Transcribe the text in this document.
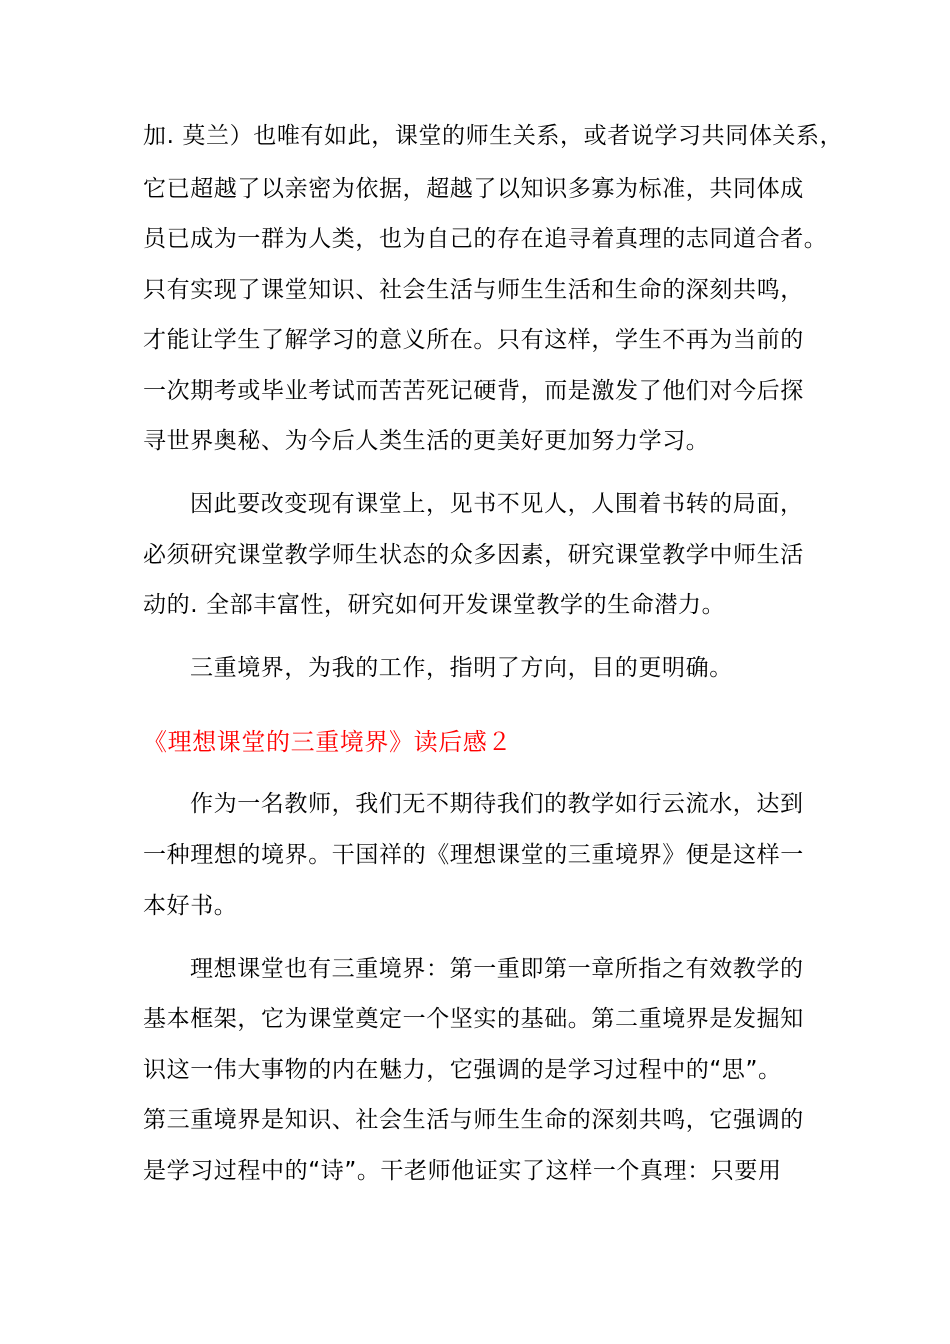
加. 莫兰）也唯有如此，课堂的师生关系，或者说学习共同体关系，
它已超越了以亲密为依据，超越了以知识多寡为标准，共同体成
员已成为一群为人类，也为自己的存在追寻着真理的志同道合者。
只有实现了课堂知识、社会生活与师生生活和生命的深刻共鸣，
才能让学生了解学习的意义所在。只有这样，学生不再为当前的
一次期考或毕业考试而苦苦死记硬背，而是激发了他们对今后探
寻世界奥秘、为今后人类生活的更美好更加努力学习。
因此要改变现有课堂上，见书不见人，人围着书转的局面，
必须研究课堂教学师生状态的众多因素，研究课堂教学中师生活
动的. 全部丰富性，研究如何开发课堂教学的生命潜力。
三重境界，为我的工作，指明了方向，目的更明确。
《理想课堂的三重境界》读后感２
作为一名教师，我们无不期待我们的教学如行云流水，达到
一种理想的境界。干国祥的《理想课堂的三重境界》便是这样一
本好书。
理想课堂也有三重境界：第一重即第一章所指之有效教学的
基本框架，它为课堂奠定一个坚实的基础。第二重境界是发掘知
识这一伟大事物的内在魅力，它强调的是学习过程中的“思”。
第三重境界是知识、社会生活与师生生命的深刻共鸣，它强调的
是学习过程中的“诗”。干老师他证实了这样一个真理：只要用
